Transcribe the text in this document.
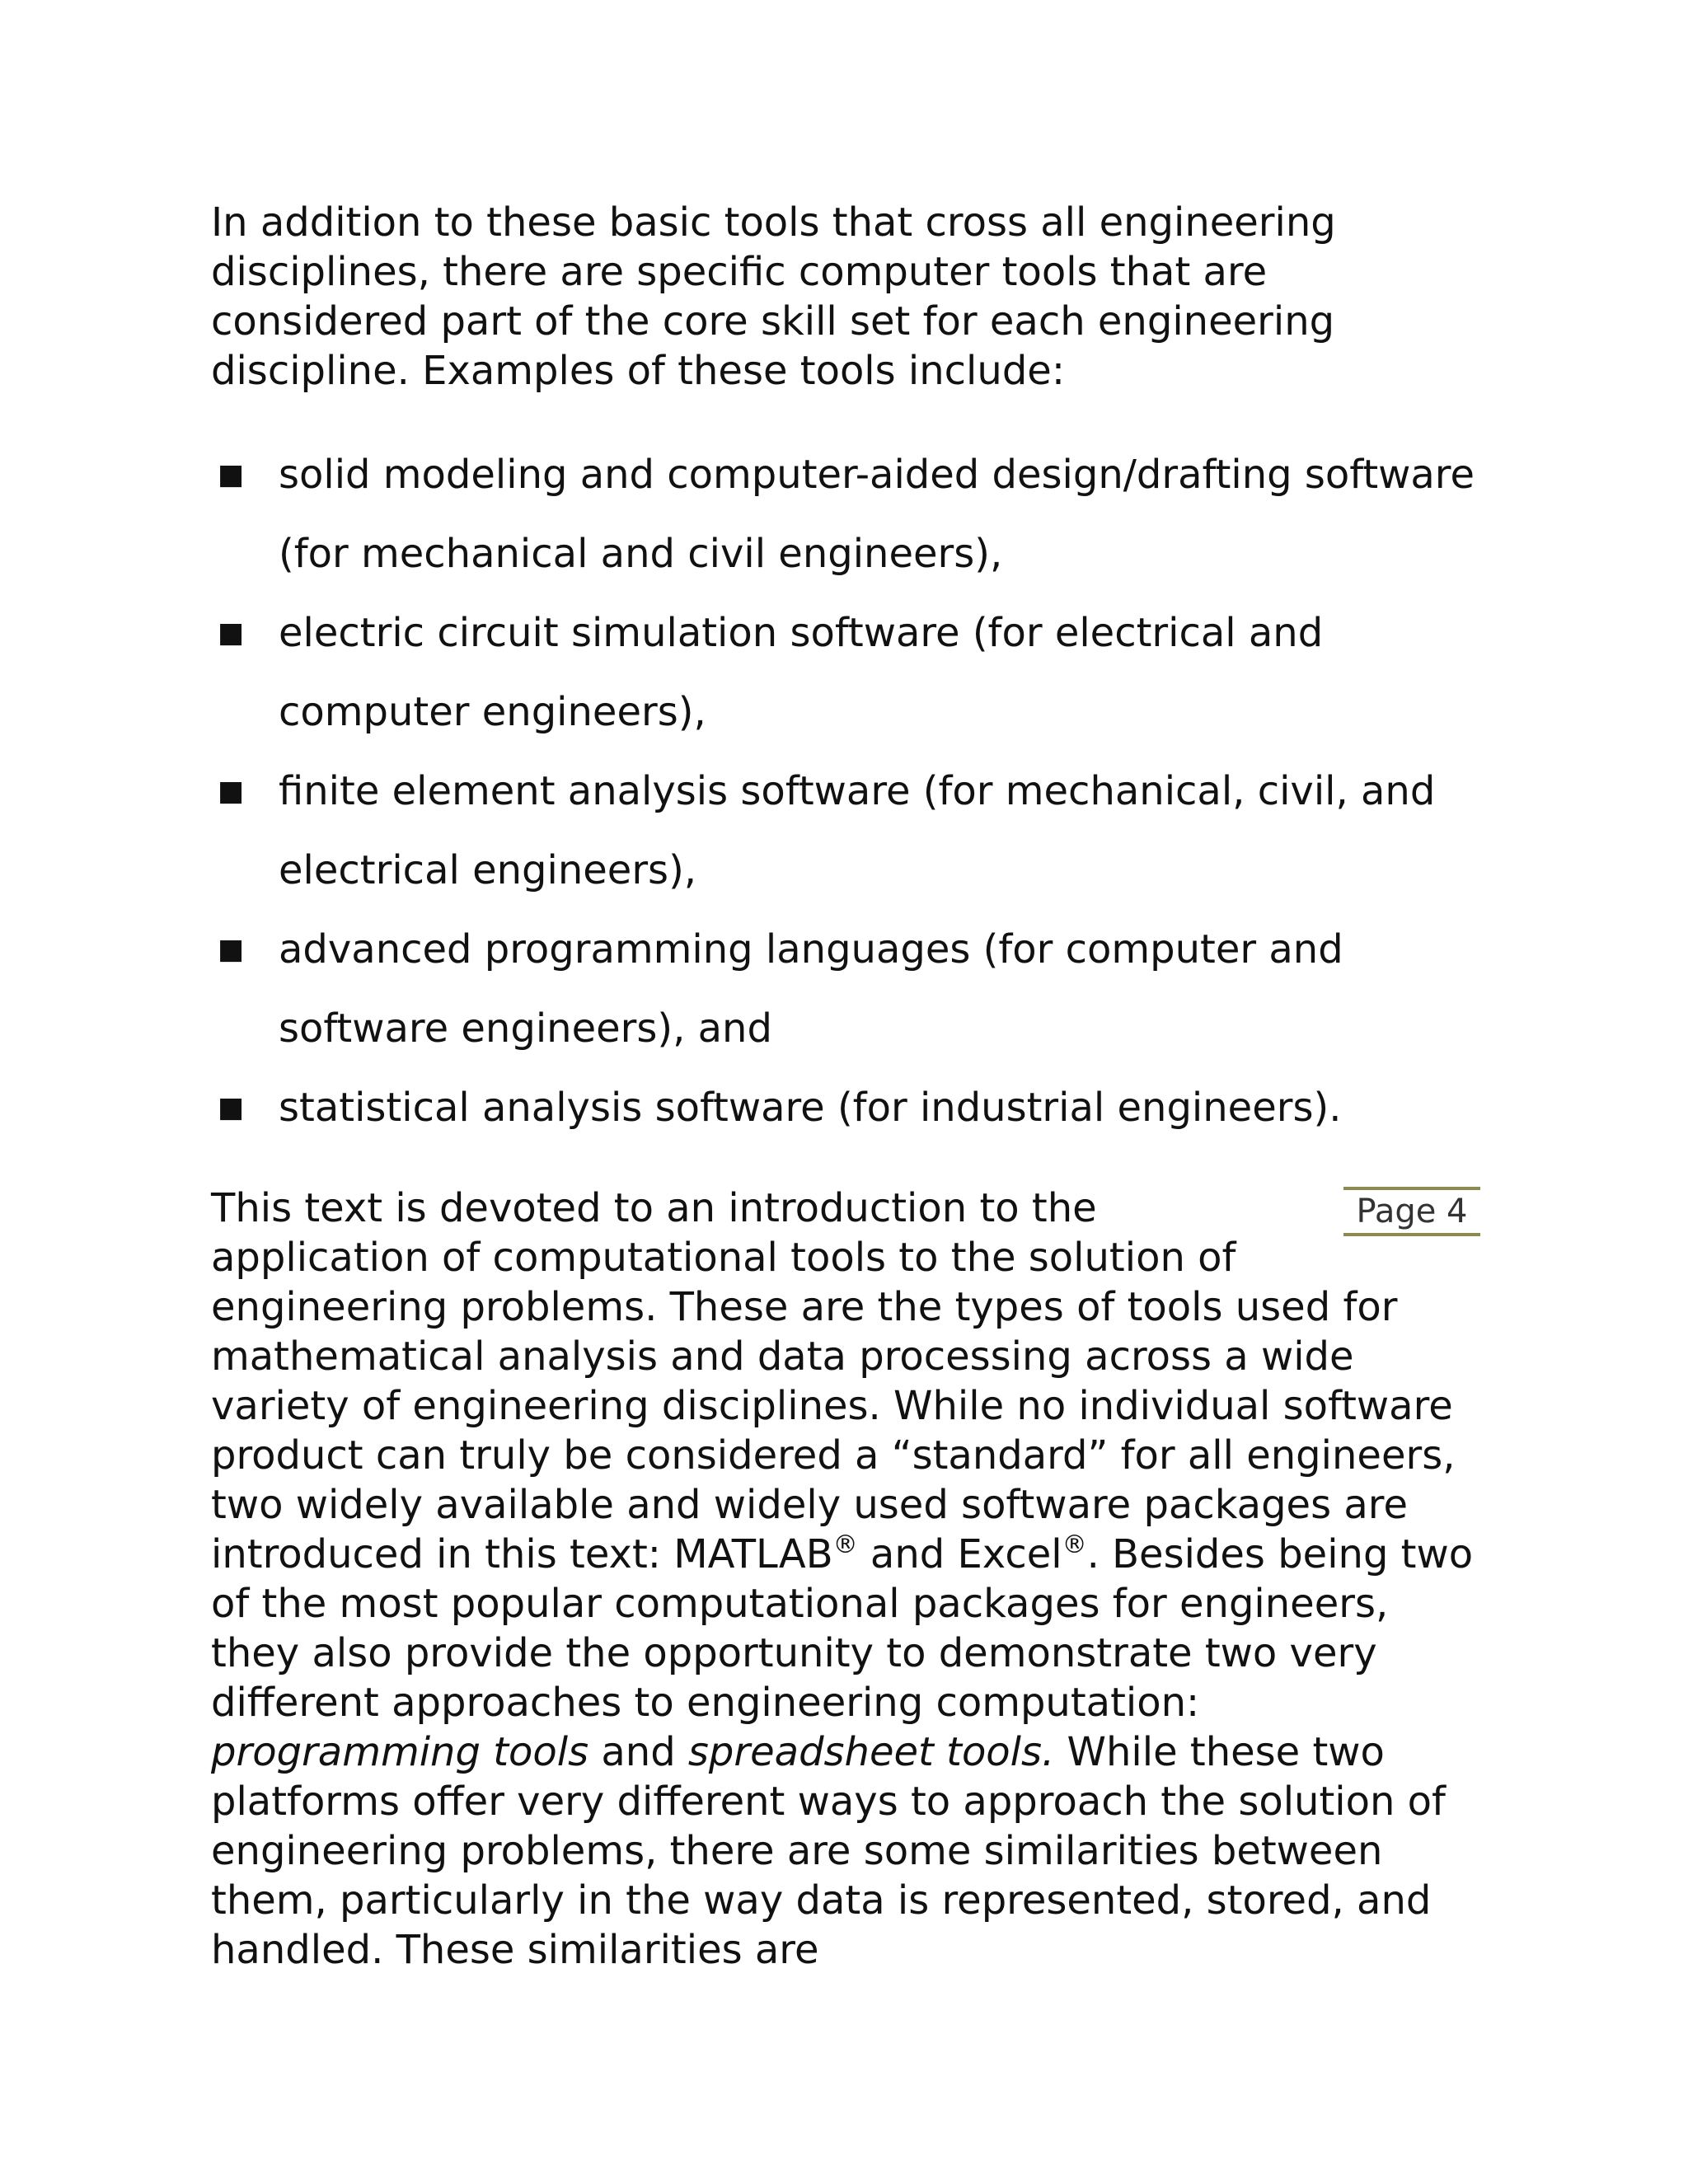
In addition to these basic tools that cross all engineering disciplines, there are specific computer tools that are considered part of the core skill set for each engineering discipline. Examples of these tools include:

■ solid modeling and computer-aided design/drafting software (for mechanical and civil engineers),
■ electric circuit simulation software (for electrical and computer engineers),
■ finite element analysis software (for mechanical, civil, and electrical engineers),
■ advanced programming languages (for computer and software engineers), and
■ statistical analysis software (for industrial engineers).
Page 4

This text is devoted to an introduction to the application of computational tools to the solution of engineering problems. These are the types of tools used for mathematical analysis and data processing across a wide variety of engineering disciplines. While no individual software product can truly be considered a “standard” for all engineers, two widely available and widely used software packages are introduced in this text: MATLAB® and Excel®. Besides being two of the most popular computational packages for engineers, they also provide the opportunity to demonstrate two very different approaches to engineering computation: programming tools and spreadsheet tools. While these two platforms offer very different ways to approach the solution of engineering problems, there are some similarities between them, particularly in the way data is represented, stored, and handled. These similarities are
